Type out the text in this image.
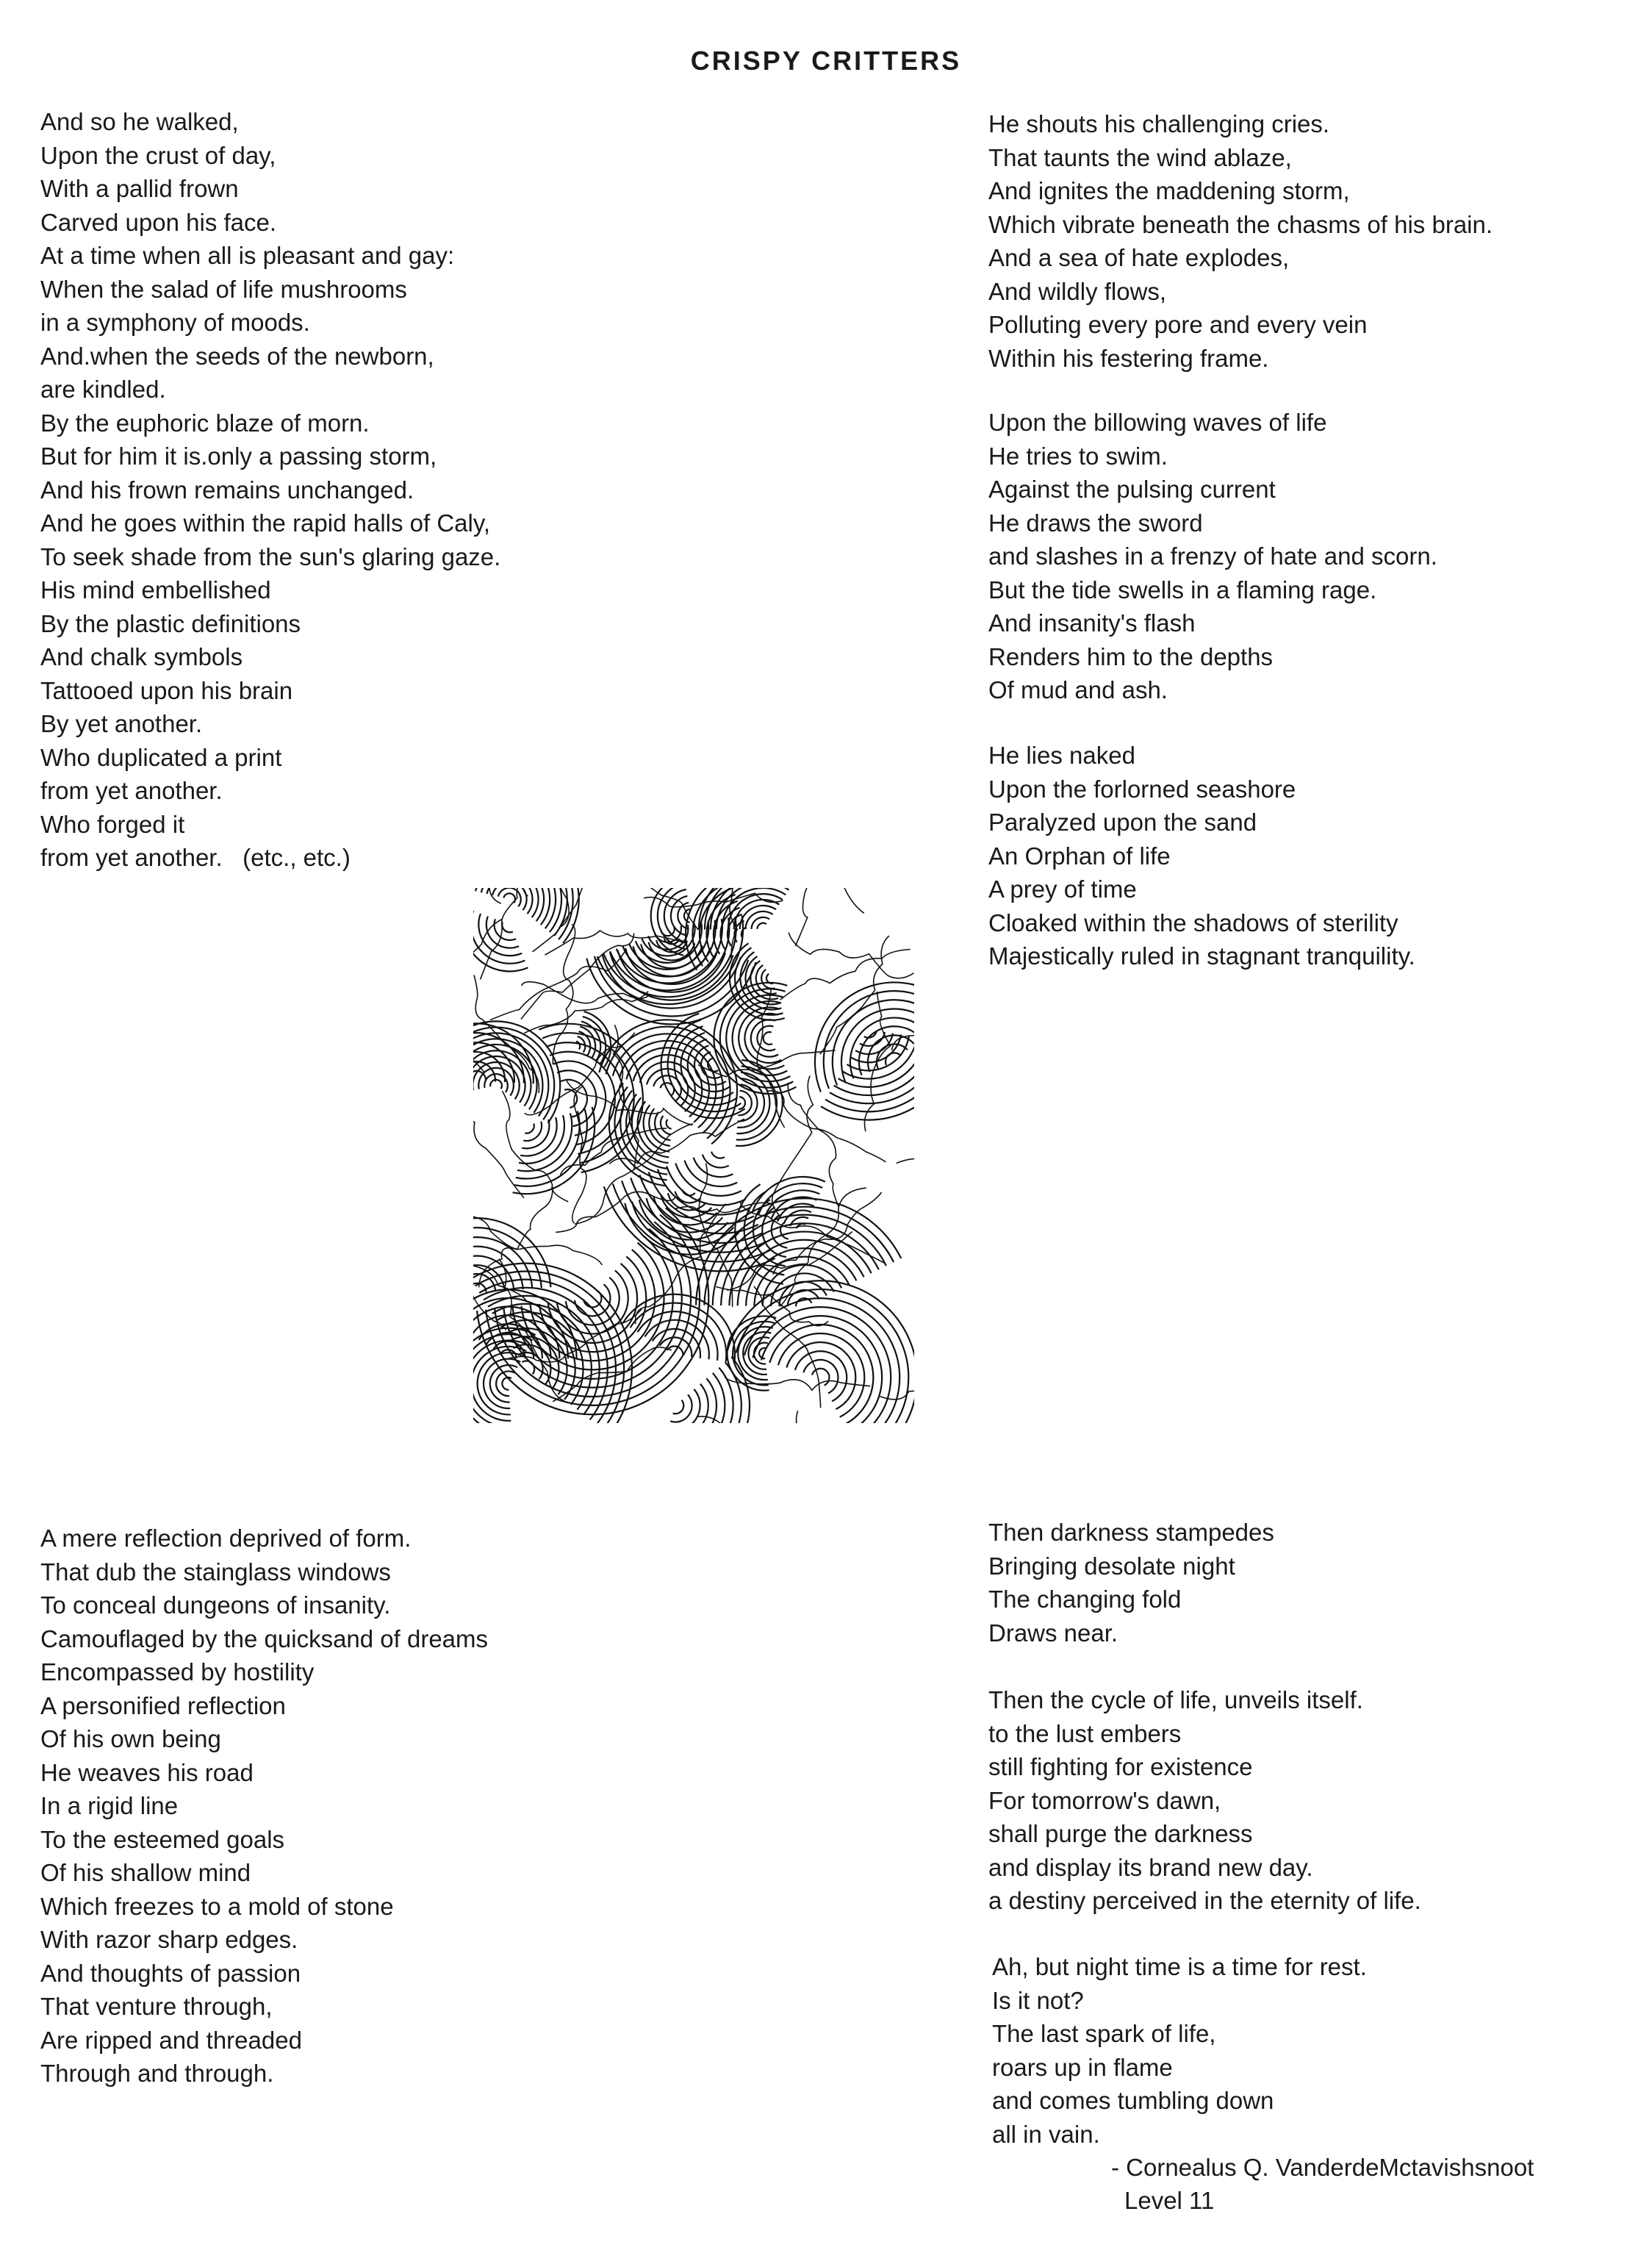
CRISPY CRITTERS
And so he walked,
Upon the crust of day,
With a pallid frown
Carved upon his face.
At a time when all is pleasant and gay:
When the salad of life mushrooms
in a symphony of moods.
And.when the seeds of the newborn,
are kindled.
By the euphoric blaze of morn.
But for him it is.only a passing storm,
And his frown remains unchanged.
And he goes within the rapid halls of Caly,
To seek shade from the sun's glaring gaze.
His mind embellished
By the plastic definitions
And chalk symbols
Tattooed upon his brain
By yet another.
Who duplicated a print
from yet another.
Who forged it
from yet another.   (etc., etc.)
He shouts his challenging cries.
That taunts the wind ablaze,
And ignites the maddening storm,
Which vibrate beneath the chasms of his brain.
And a sea of hate explodes,
And wildly flows,
Polluting every pore and every vein
Within his festering frame.
Upon the billowing waves of life
He tries to swim.
Against the pulsing current
He draws the sword
and slashes in a frenzy of hate and scorn.
But the tide swells in a flaming rage.
And insanity's flash
Renders him to the depths
Of mud and ash.
He lies naked
Upon the forlorned seashore
Paralyzed upon the sand
An Orphan of life
A prey of time
Cloaked within the shadows of sterility
Majestically ruled in stagnant tranquility.
A mere reflection deprived of form.
That dub the stainglass windows
To conceal dungeons of insanity.
Camouflaged by the quicksand of dreams
Encompassed by hostility
A personified reflection
Of his own being
He weaves his road
In a rigid line
To the esteemed goals
Of his shallow mind
Which freezes to a mold of stone
With razor sharp edges.
And thoughts of passion
That venture through,
Are ripped and threaded
Through and through.
Then darkness stampedes
Bringing desolate night
The changing fold
Draws near.
Then the cycle of life, unveils itself.
to the lust embers
still fighting for existence
For tomorrow's dawn,
shall purge the darkness
and display its brand new day.
a destiny perceived in the eternity of life.
Ah, but night time is a time for rest.
Is it not?
The last spark of life,
roars up in flame
and comes tumbling down
all in vain.
- Cornealus Q. VanderdeMctavishsnoot
Level 11
